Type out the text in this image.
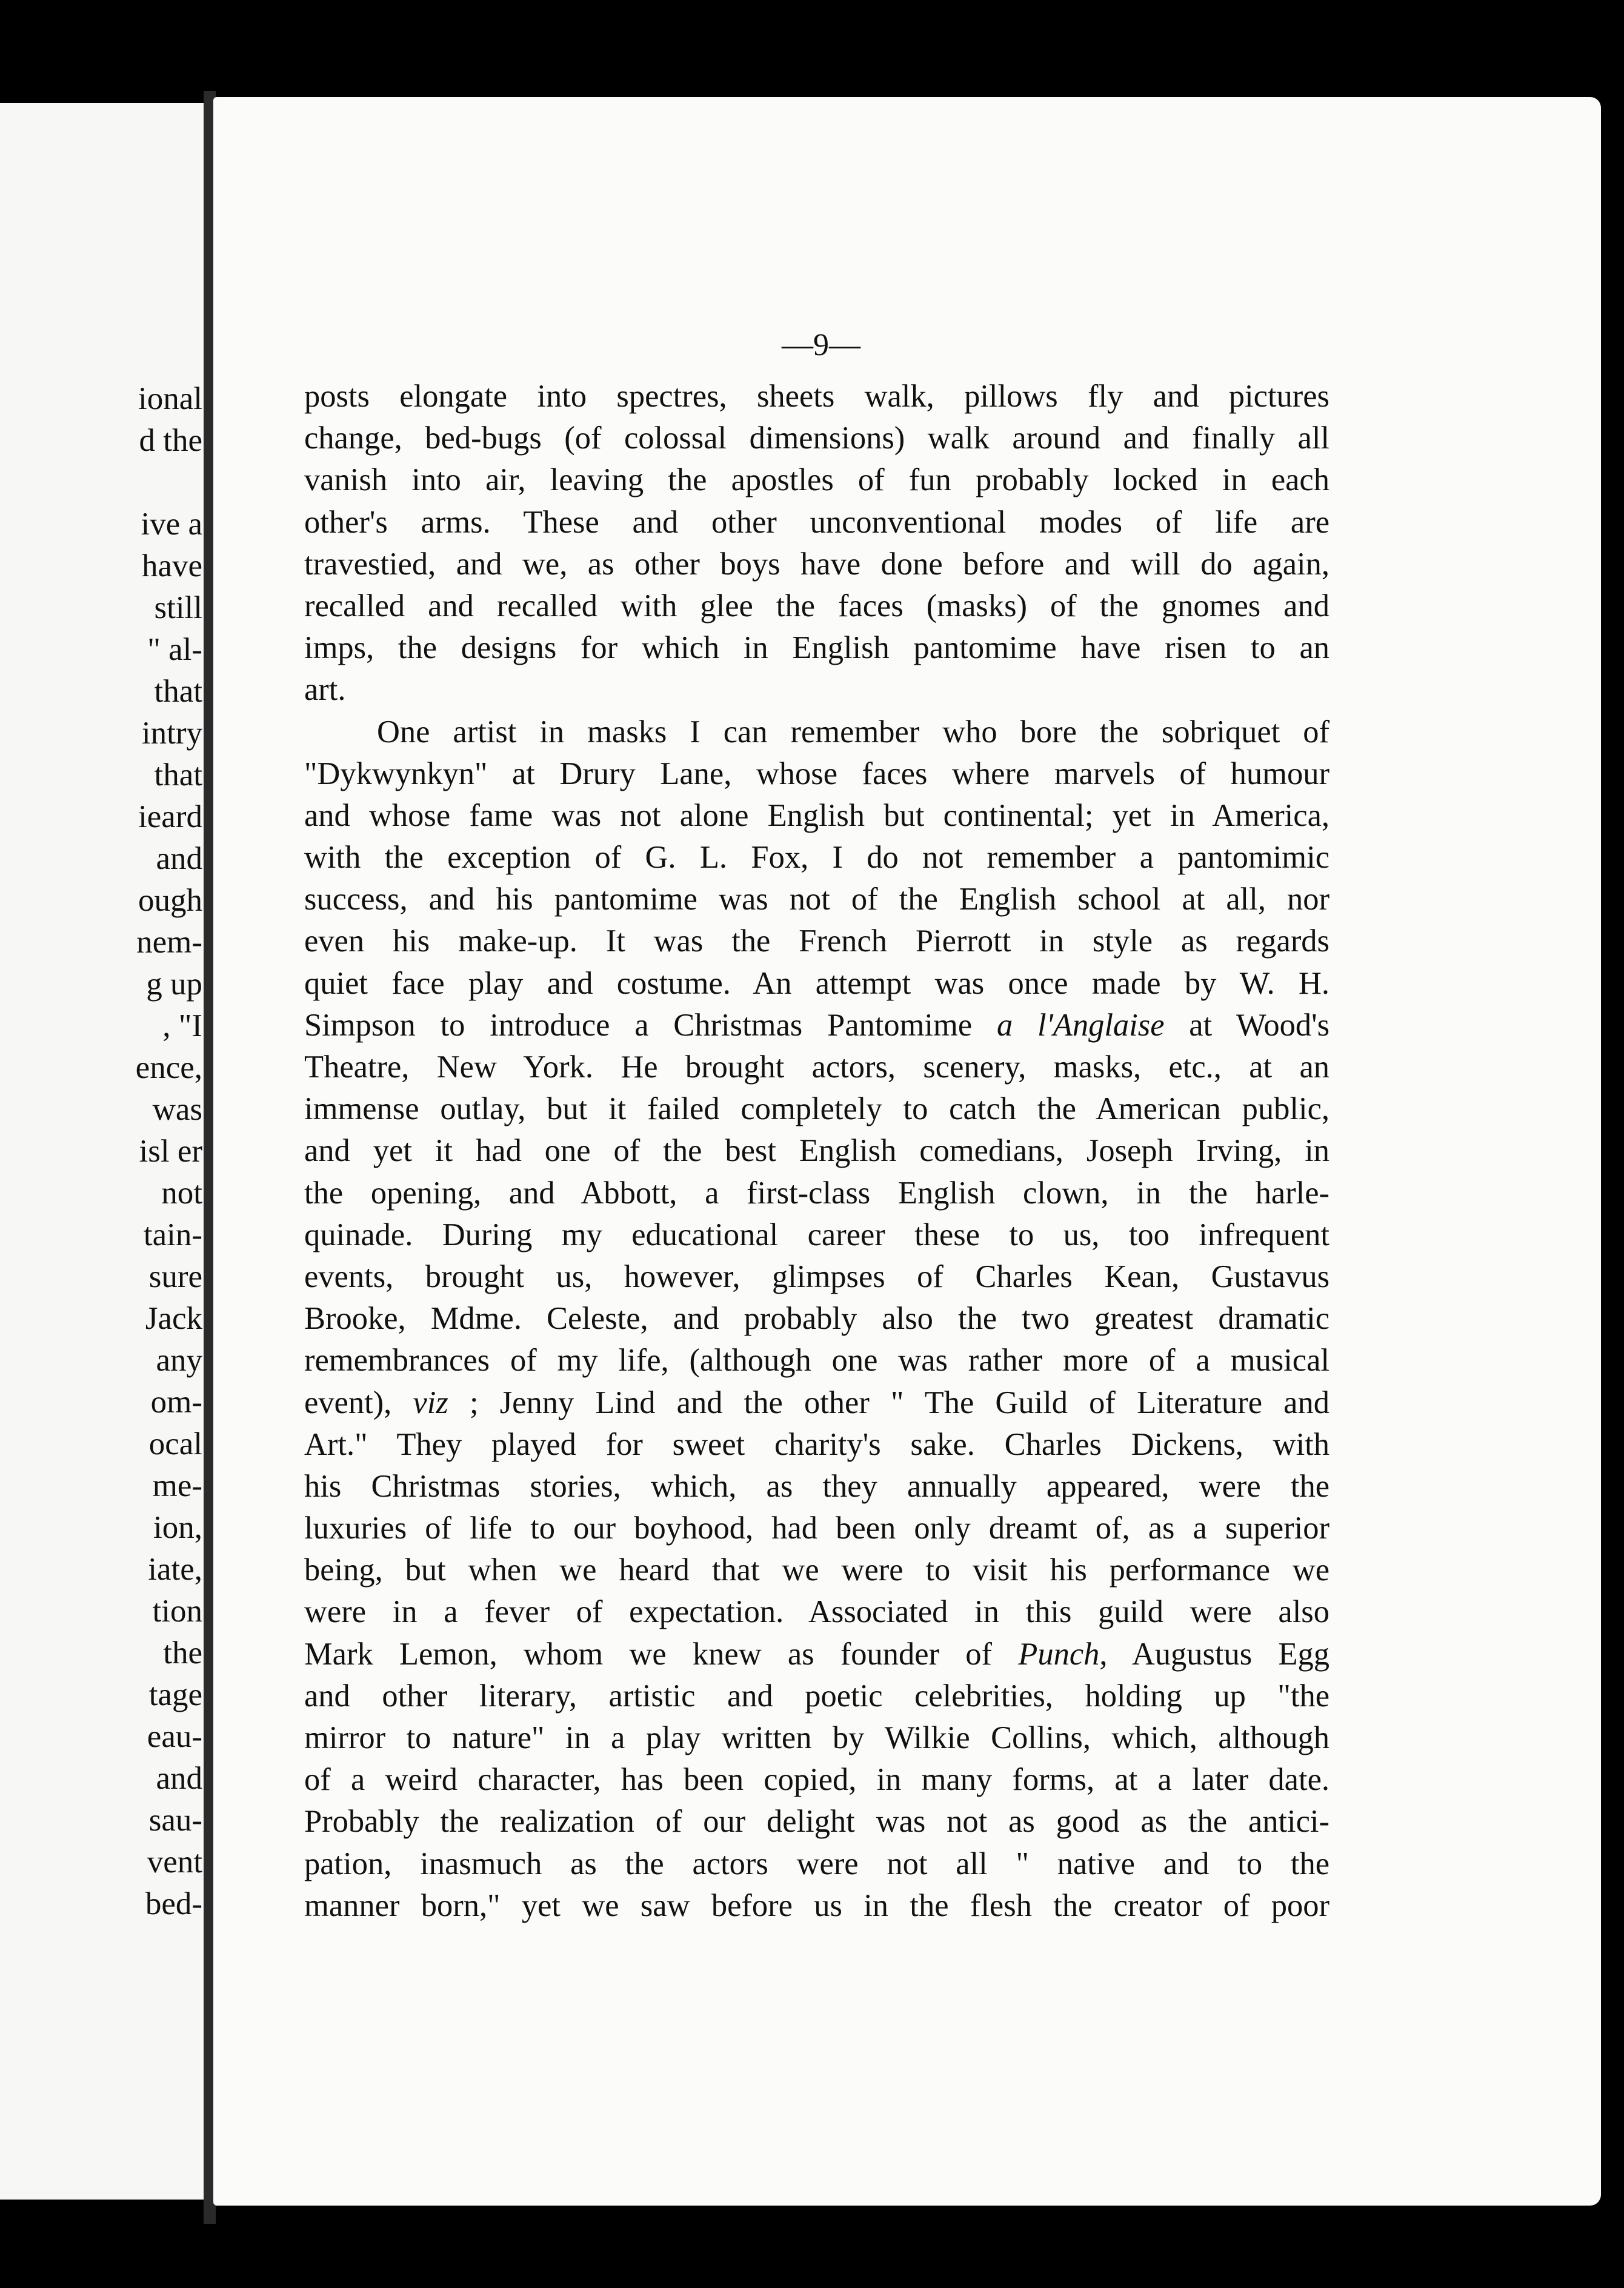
ional
d the
ive a
have
still
" al-
that
intry
that
ieard
and
ough
nem-
g up
, "I
ence,
was
isl er
not
tain-
sure
Jack
any
om-
ocal
me-
ion,
iate,
tion
the
tage
eau-
and
sau-
vent
bed-
—9—
posts elongate into spectres, sheets walk, pillows fly and pictures
change, bed-bugs (of colossal dimensions) walk around and finally all
vanish into air, leaving the apostles of fun probably locked in each
other's arms. These and other unconventional modes of life are
travestied, and we, as other boys have done before and will do again,
recalled and recalled with glee the faces (masks) of the gnomes and
imps, the designs for which in English pantomime have risen to an
art.
One artist in masks I can remember who bore the sobriquet of
"Dykwynkyn" at Drury Lane, whose faces where marvels of humour
and whose fame was not alone English but continental; yet in America,
with the exception of G. L. Fox, I do not remember a pantomimic
success, and his pantomime was not of the English school at all, nor
even his make-up. It was the French Pierrott in style as regards
quiet face play and costume. An attempt was once made by W. H.
Simpson to introduce a Christmas Pantomime a l'Anglaise at Wood's
Theatre, New York. He brought actors, scenery, masks, etc., at an
immense outlay, but it failed completely to catch the American public,
and yet it had one of the best English comedians, Joseph Irving, in
the opening, and Abbott, a first-class English clown, in the harle-
quinade. During my educational career these to us, too infrequent
events, brought us, however, glimpses of Charles Kean, Gustavus
Brooke, Mdme. Celeste, and probably also the two greatest dramatic
remembrances of my life, (although one was rather more of a musical
event), viz ; Jenny Lind and the other " The Guild of Literature and
Art." They played for sweet charity's sake. Charles Dickens, with
his Christmas stories, which, as they annually appeared, were the
luxuries of life to our boyhood, had been only dreamt of, as a superior
being, but when we heard that we were to visit his performance we
were in a fever of expectation. Associated in this guild were also
Mark Lemon, whom we knew as founder of Punch, Augustus Egg
and other literary, artistic and poetic celebrities, holding up "the
mirror to nature" in a play written by Wilkie Collins, which, although
of a weird character, has been copied, in many forms, at a later date.
Probably the realization of our delight was not as good as the antici-
pation, inasmuch as the actors were not all " native and to the
manner born," yet we saw before us in the flesh the creator of poor
